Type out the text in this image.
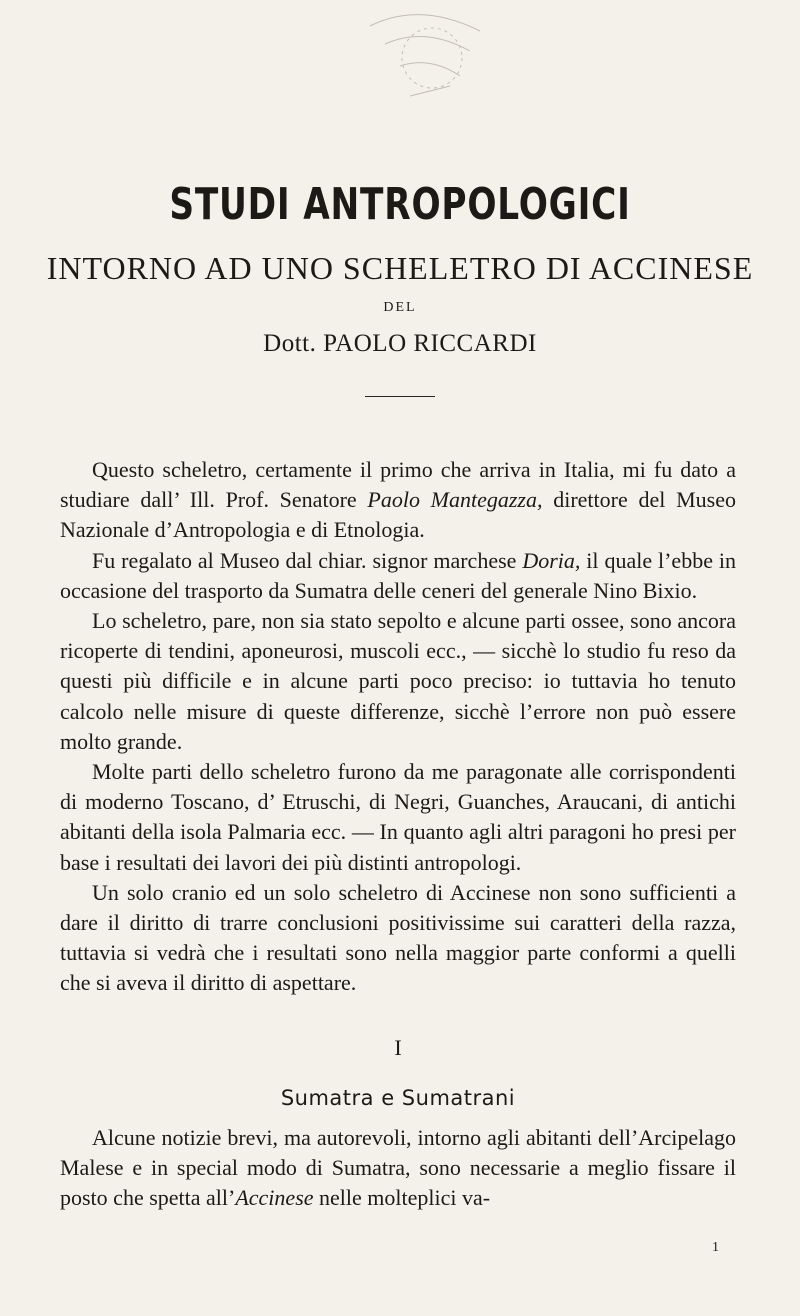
STUDI ANTROPOLOGICI
INTORNO AD UNO SCHELETRO DI ACCINESE
DEL
Dott. PAOLO RICCARDI

Questo scheletro, certamente il primo che arriva in Italia, mi fu dato a studiare dall’ Ill. Prof. Senatore Paolo Mantegazza, direttore del Museo Nazionale d’Antropologia e di Etnologia.

Fu regalato al Museo dal chiar. signor marchese Doria, il quale l’ebbe in occasione del trasporto da Sumatra delle ceneri del generale Nino Bixio.

Lo scheletro, pare, non sia stato sepolto e alcune parti ossee, sono ancora ricoperte di tendini, aponeurosi, muscoli ecc., — sicchè lo studio fu reso da questi più difficile e in alcune parti poco preciso: io tuttavia ho tenuto calcolo nelle misure di queste differenze, sicchè l’errore non può essere molto grande.

Molte parti dello scheletro furono da me paragonate alle corrispondenti di moderno Toscano, d’ Etruschi, di Negri, Guanches, Araucani, di antichi abitanti della isola Palmaria ecc. — In quanto agli altri paragoni ho presi per base i resultati dei lavori dei più distinti antropologi.

Un solo cranio ed un solo scheletro di Accinese non sono sufficienti a dare il diritto di trarre conclusioni positivissime sui caratteri della razza, tuttavia si vedrà che i resultati sono nella maggior parte conformi a quelli che si aveva il diritto di aspettare.

I
Sumatra e Sumatrani

Alcune notizie brevi, ma autorevoli, intorno agli abitanti dell’Arcipelago Malese e in special modo di Sumatra, sono necessarie a meglio fissare il posto che spetta all’Accinese nelle molteplici va-

1
